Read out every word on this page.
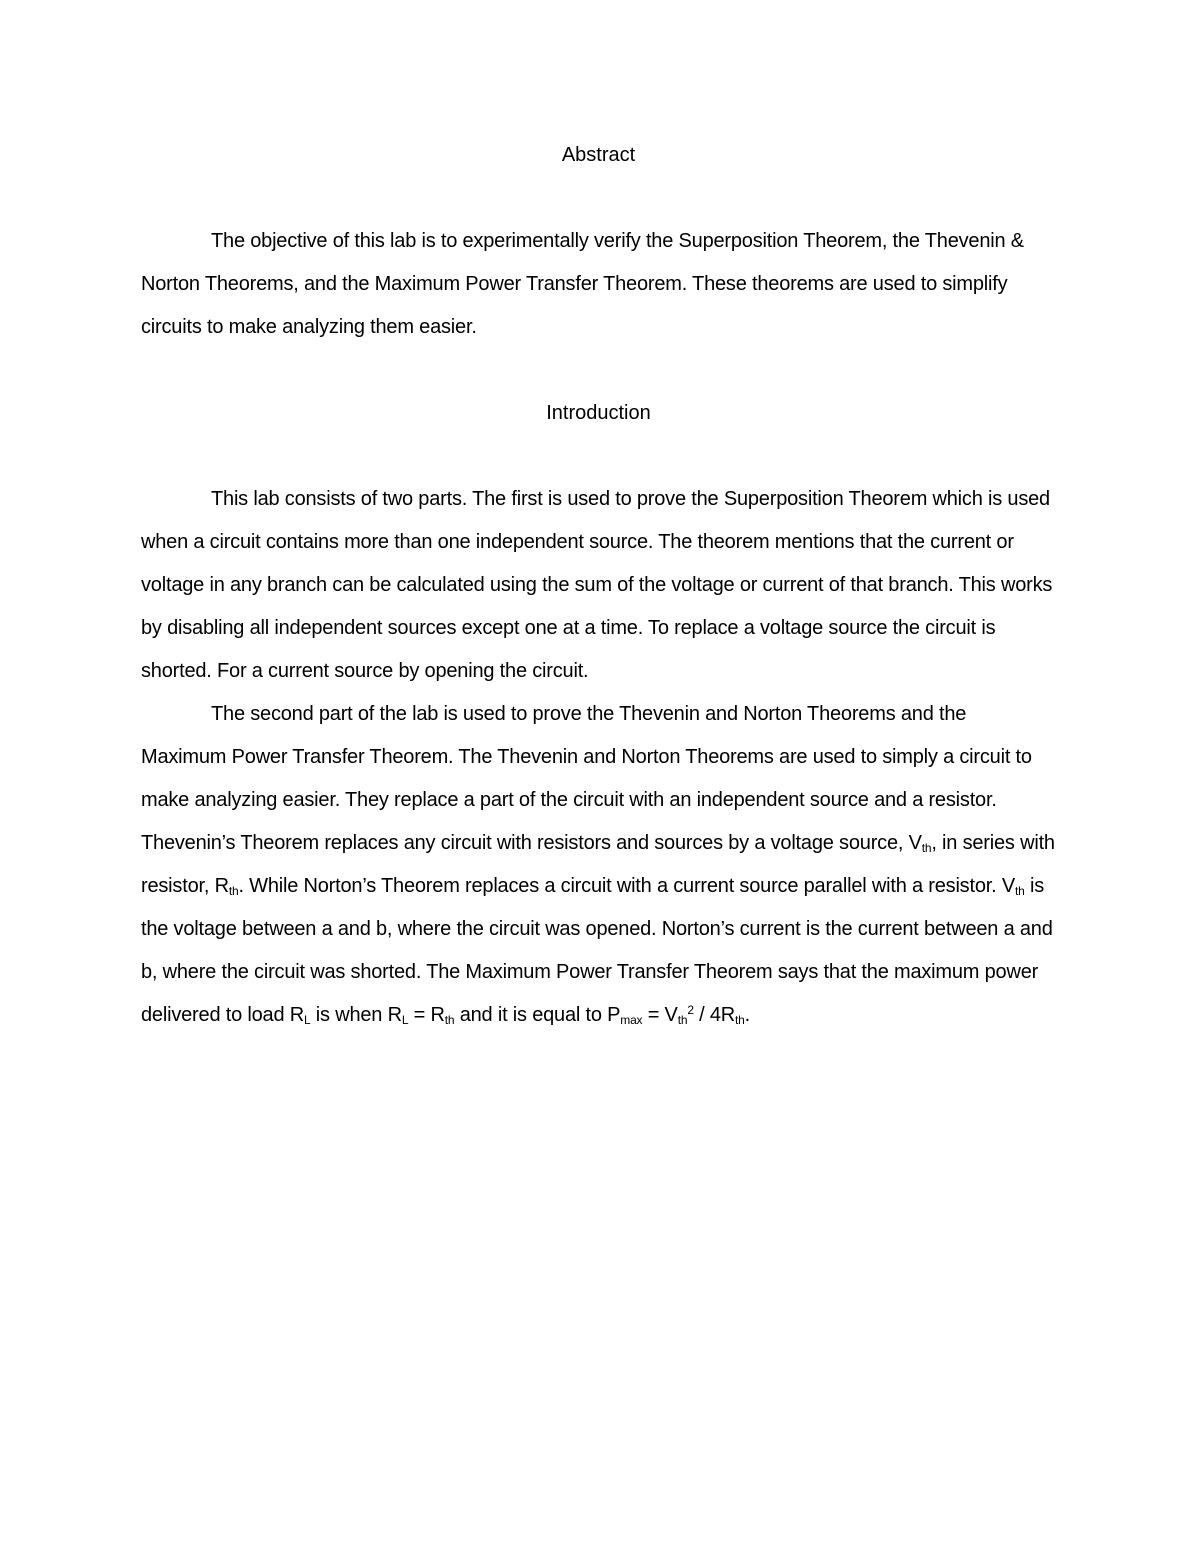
Abstract

The objective of this lab is to experimentally verify the Superposition Theorem, the Thevenin & Norton Theorems, and the Maximum Power Transfer Theorem. These theorems are used to simplify circuits to make analyzing them easier.

Introduction

This lab consists of two parts. The first is used to prove the Superposition Theorem which is used when a circuit contains more than one independent source. The theorem mentions that the current or voltage in any branch can be calculated using the sum of the voltage or current of that branch. This works by disabling all independent sources except one at a time. To replace a voltage source the circuit is shorted. For a current source by opening the circuit.

The second part of the lab is used to prove the Thevenin and Norton Theorems and the Maximum Power Transfer Theorem. The Thevenin and Norton Theorems are used to simply a circuit to make analyzing easier. They replace a part of the circuit with an independent source and a resistor. Thevenin’s Theorem replaces any circuit with resistors and sources by a voltage source, $V_{th}$, in series with resistor, $R_{th}$. While Norton’s Theorem replaces a circuit with a current source parallel with a resistor. $V_{th}$ is the voltage between a and b, where the circuit was opened. Norton’s current is the current between a and b, where the circuit was shorted. The Maximum Power Transfer Theorem says that the maximum power delivered to load $R_L$ is when $R_L = R_{th}$ and it is equal to $P_{max} = V_{th}^2 / 4R_{th}$.
